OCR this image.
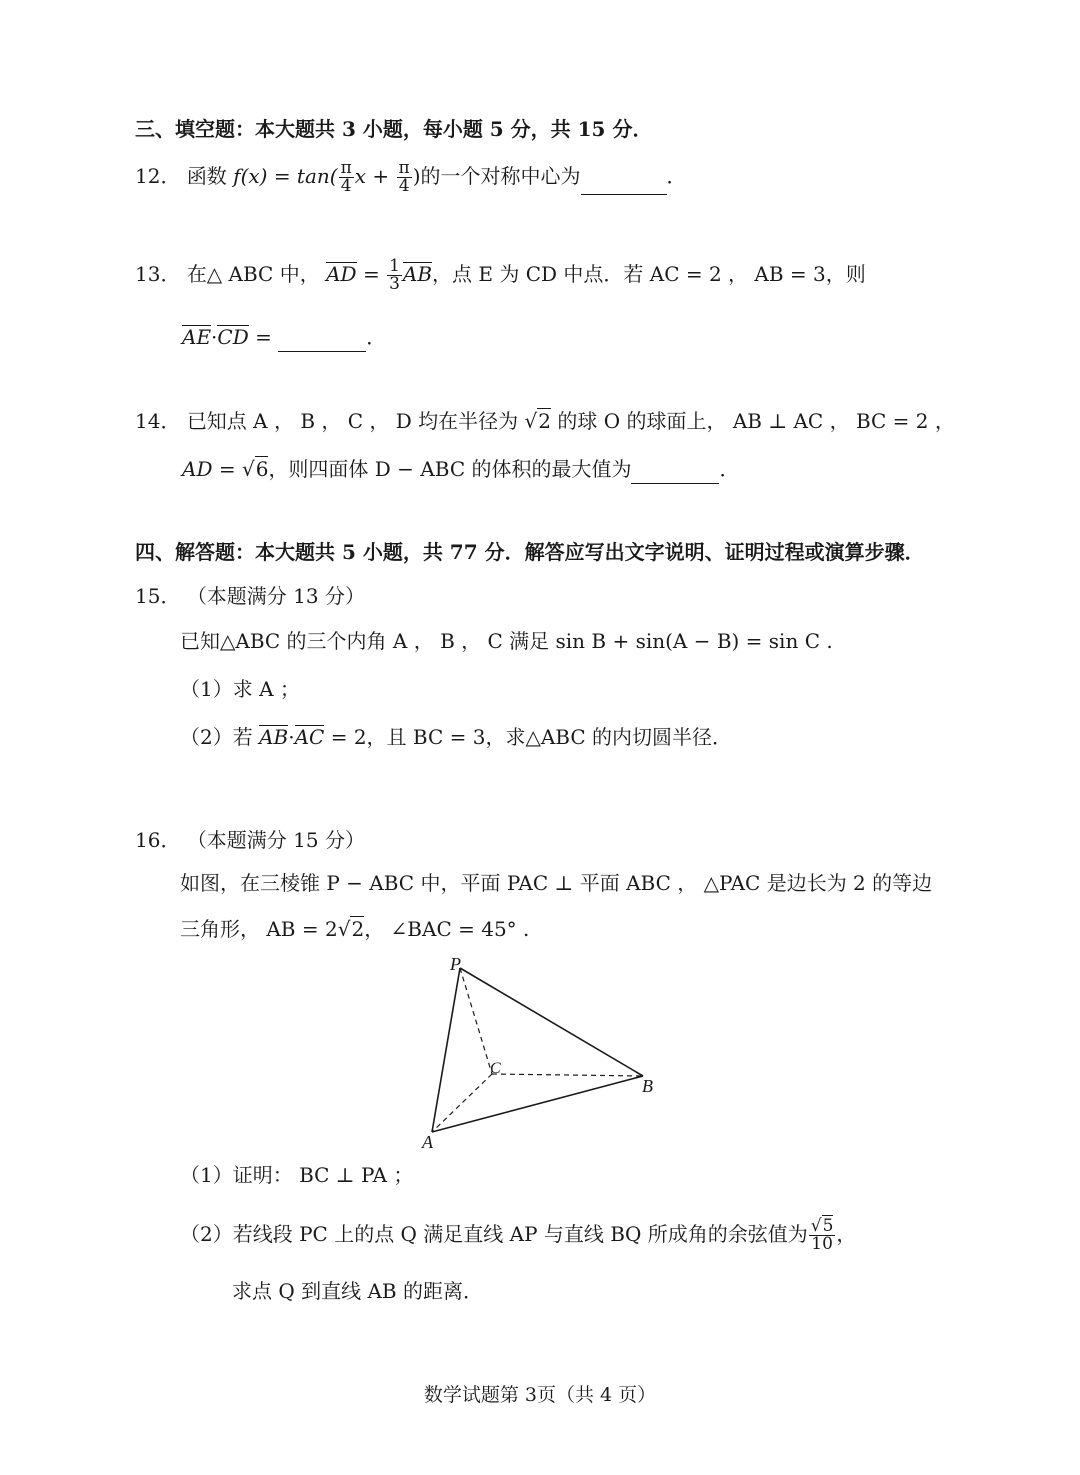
三、填空题：本大题共 3 小题，每小题 5 分，共 15 分．
12． 函数 $f(x) = \tan( \frac{\pi}{4}$ $x + \frac{\pi}{4}$ )的一个对称中心为	．
13． 在△ ABC 中， AD = $\frac{1}{3}$ AB，点 E 为 CD 中点．若 AC = 2 ， AB = 3，则
AE·CD =	．
14． 已知点 A ， B ， C ， D 均在半径为 √2 的球 O 的球面上， AB ⊥ AC ， BC = 2 ，
AD = √6，则四面体 D − ABC 的体积的最大值为	．
四、解答题：本大题共 5 小题，共 77 分．解答应写出文字说明、证明过程或演算步骤．
15． （本题满分 13 分）
已知△ABC 的三个内角 A ， B ， C 满足 sin B + sin(A − B) = sin C .
（1）求 A ；
（2）若 AB·AC = 2，且 BC = 3，求△ABC 的内切圆半径．
16． （本题满分 15 分）
如图，在三棱锥 P − ABC 中，平面 PAC ⊥ 平面 ABC ， △PAC 是边长为 2 的等边
三角形， AB = 2√2， ∠BAC = 45° .
P
C
B
A
（1）证明： BC ⊥ PA ；
（2）若线段 PC 上的点 Q 满足直线 AP 与直线 BQ 所成角的余弦值为 $\frac{√5}{10}$ ，
求点 Q 到直线 AB 的距离．
数学试题第 3页（共 4 页）
